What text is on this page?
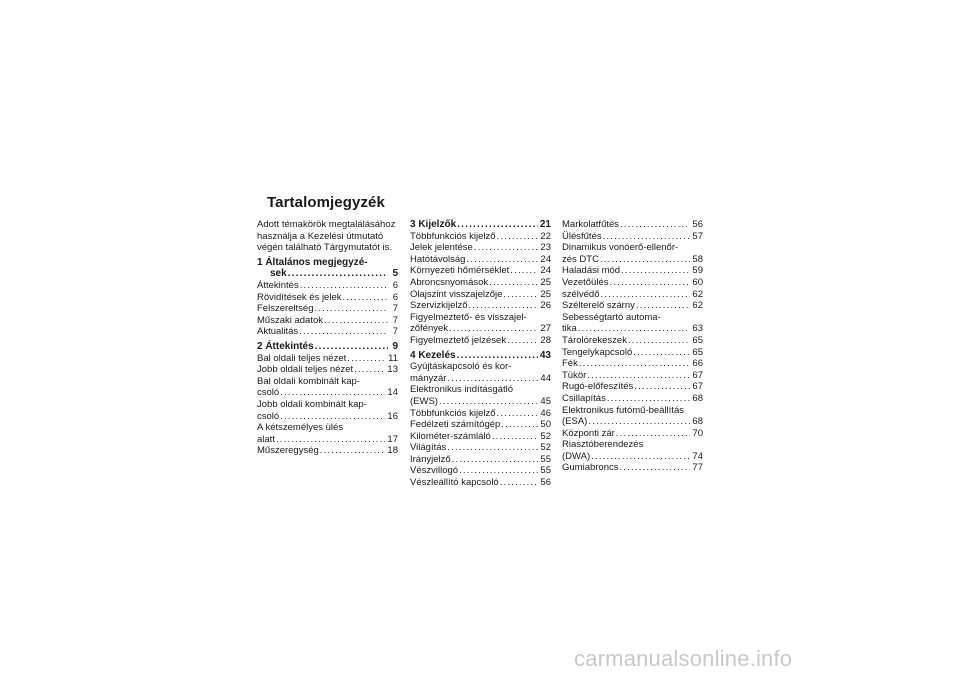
Tartalomjegyzék
Adott témakörök megtalálásához
használja a Kezelési útmutató
végén található Tárgymutatót is.
1 Általános megjegyzé-
sek .....	5
Áttekintés .....	6
Rövidítések és jelek .....	6
Felszereltség .....	7
Műszaki adatok .....	7
Aktualitás .....	7
2 Áttekintés .....	9
Bal oldali teljes nézet .....	11
Jobb oldali teljes nézet .....	13
Bal oldali kombinált kap-
csoló .....	14
Jobb oldali kombinált kap-
csoló .....	16
A kétszemélyes ülés
alatt .....	17
Műszeregység .....	18
3 Kijelzők .....	21
Többfunkciós kijelző .....	22
Jelek jelentése .....	23
Hatótávolság .....	24
Környezeti hőmérséklet .....	24
Abroncsnyomások .....	25
Olajszint visszajelzője .....	25
Szervizkijelző .....	26
Figyelmeztető- és visszajel-
zőfények .....	27
Figyelmeztető jelzések .....	28
4 Kezelés .....	43
Gyújtáskapcsoló és kor-
mányzár .....	44
Elektronikus indításgátló
(EWS) .....	45
Többfunkciós kijelző .....	46
Fedélzeti számítógép .....	50
Kilométer-számláló .....	52
Világítás .....	52
Irányjelző .....	55
Vészvillogó .....	55
Vészleállító kapcsoló .....	56
Markolatfűtés .....	56
Ülésfűtés .....	57
Dinamikus vonóerő-ellenőr-
zés DTC .....	58
Haladási mód .....	59
Vezetőülés .....	60
szélvédő .....	62
Szélterelő szárny .....	62
Sebességtartó automa-
tika .....	63
Tárolórekeszek .....	65
Tengelykapcsoló .....	65
Fék .....	66
Tükör .....	67
Rugó-előfeszítés .....	67
Csillapítás .....	68
Elektronikus futómű-beállítás
(ESA) .....	68
Központi zár .....	70
Riasztóberendezés
(DWA) .....	74
Gumiabroncs .....	77
carmanualsonline.info
